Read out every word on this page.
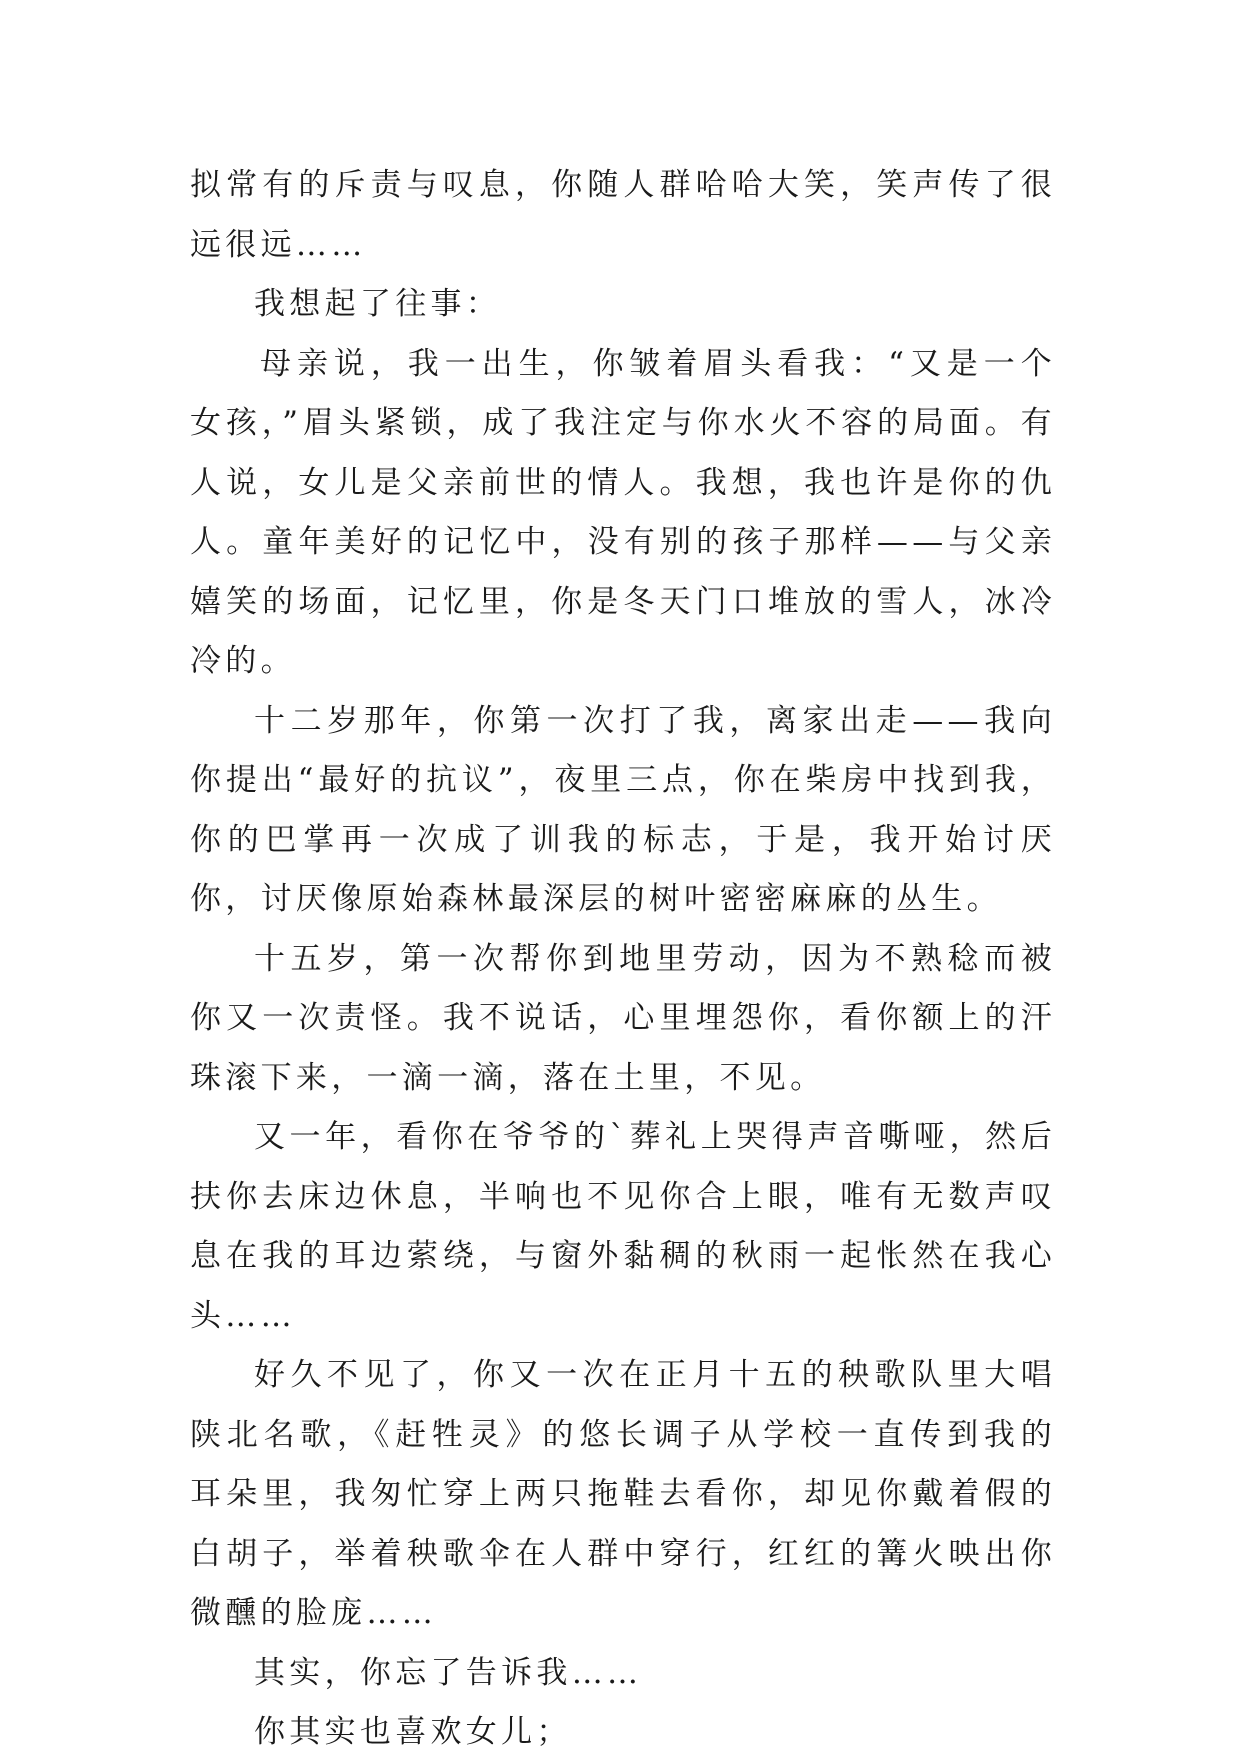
拟常有的斥责与叹息，你随人群哈哈大笑，笑声传了很远很远……

我想起了往事：

母亲说，我一出生，你皱着眉头看我：“又是一个女孩，”眉头紧锁，成了我注定与你水火不容的局面。有人说，女儿是父亲前世的情人。我想，我也许是你的仇人。童年美好的记忆中，没有别的孩子那样——与父亲嬉笑的场面，记忆里，你是冬天门口堆放的雪人，冰冷冷的。

十二岁那年，你第一次打了我，离家出走——我向你提出“最好的抗议”，夜里三点，你在柴房中找到我，你的巴掌再一次成了训我的标志，于是，我开始讨厌你，讨厌像原始森林最深层的树叶密密麻麻的丛生。

十五岁，第一次帮你到地里劳动，因为不熟稔而被你又一次责怪。我不说话，心里埋怨你，看你额上的汗珠滚下来，一滴一滴，落在土里，不见。

又一年，看你在爷爷的`葬礼上哭得声音嘶哑，然后扶你去床边休息，半响也不见你合上眼，唯有无数声叹息在我的耳边萦绕，与窗外黏稠的秋雨一起怅然在我心头……

好久不见了，你又一次在正月十五的秧歌队里大唱陕北名歌，《赶牲灵》的悠长调子从学校一直传到我的耳朵里，我匆忙穿上两只拖鞋去看你，却见你戴着假的白胡子，举着秧歌伞在人群中穿行，红红的篝火映出你微醺的脸庞……

其实，你忘了告诉我……

你其实也喜欢女儿；
